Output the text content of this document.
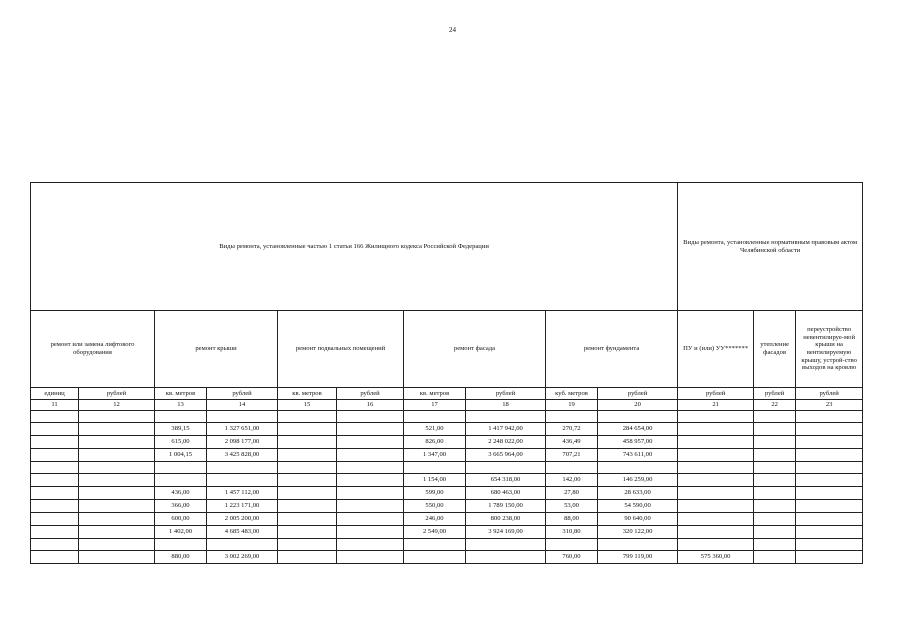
24
Виды ремонта, установленные частью 1 статьи 166 Жилищного кодекса Российской Федерации										Виды ремонта, установленные нормативным правовым актом Челябинской области		
ремонт или замена лифтового оборудования		ремонт крыши		ремонт подвальных помещений		ремонт фасада		ремонт фундамента		ПУ и (или) УУ*******	утепление фасадов	переустройство невентилируе-мой крыши на вентилируемую крышу, устрой-ство выходов на кровлю
единиц	рублей	кв. метров	рублей	кв. метров	рублей	кв. метров	рублей	куб. метров	рублей	рублей	рублей	рублей
11	12	13	14	15	16	17	18	19	20	21	22	23

		389,15	1 327 651,00			521,00	1 417 942,00	270,72	284 654,00			
		615,00	2 098 177,00			826,00	2 248 022,00	436,49	458 957,00			
		1 004,15	3 425 828,00			1 347,00	3 665 964,00	707,21	743 611,00			

						1 154,00	654 318,00	142,00	146 259,00			
		436,00	1 457 112,00			599,00	680 463,00	27,80	28 633,00			
		366,00	1 223 171,00			550,00	1 789 150,00	53,00	54 590,00			
		600,00	2 005 200,00			246,00	800 238,00	88,00	90 640,00			
		1 402,00	4 685 483,00			2 549,00	3 924 169,00	310,80	320 122,00			

		880,00	3 002 269,00					760,00	799 119,00	575 360,00		
